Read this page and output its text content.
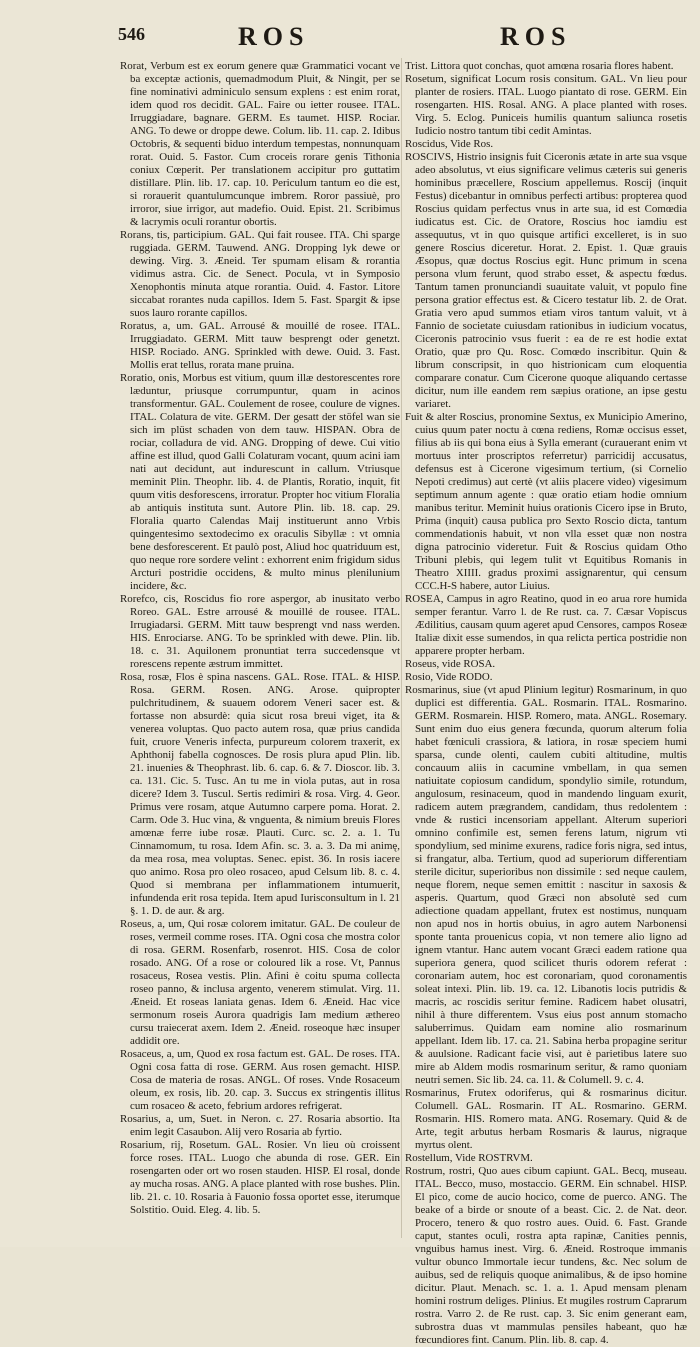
546	ROS	ROS

Rorat, Verbum est ex eorum genere quæ Grammatici vocant ve ba exceptæ actionis, quemadmodum Pluit, & Ningit, per se fine nominativi adminiculo sensum explens : est enim rorat, idem quod ros decidit. GAL. Faire ou ietter rousee. ITAL. Irruggiadare, bagnare. GERM. Es taumet. HISP. Rociar. ANG. To dewe or droppe dewe. Colum. lib. 11. cap. 2. Idibus Octobris, & sequenti biduo interdum tempestas, nonnunquam rorat. Ouid. 5. Fastor. Cum croceis rorare genis Tithonia coniux Cœperit. Per translationem accipitur pro guttatim distillare. Plin. lib. 17. cap. 10. Periculum tantum eo die est, si rorauerit quantulumcunque imbrem. Roror passiuè, pro irroror, siue irrigor, aut madefio. Ouid. Epist. 21. Scribimus & lacrymis oculi rorantur obortis.

Rorans, tis, participium. GAL. Qui fait rousee. ITA. Chi sparge ruggiada. GERM. Tauwend. ANG. Dropping lyk dewe or dewing. Virg. 3. Æneid. Ter spumam elisam & rorantia vidimus astra. Cic. de Senect. Pocula, vt in Symposio Xenophontis minuta atque rorantia. Ouid. 4. Fastor. Litore siccabat rorantes nuda capillos. Idem 5. Fast. Spargit & ipse suos lauro rorante capillos.

Roratus, a, um. GAL. Arrousé & mouillé de rosee. ITAL. Irruggiadato. GERM. Mitt tauw besprengt oder genetzt. HISP. Rociado. ANG. Sprinkled with dewe. Ouid. 3. Fast. Mollis erat tellus, rorata mane pruina.

Roratio, onis, Morbus est vitium, quum illæ destorescentes rore læduntur, priusque corrumpuntur, quam in acinos transformentur. GAL. Coulement de rosee, coulure de vignes. ITAL. Colatura de vite. GERM. Der gesatt der stöfel wan sie sich im plüst schaden von dem tauw. HISPAN. Obra de rociar, colladura de vid. ANG. Dropping of dewe. Cui vitio affine est illud, quod Galli Colaturam vocant, quum acini iam nati aut decidunt, aut indurescunt in callum. Vtriusque meminit Plin. Theophr. lib. 4. de Plantis, Roratio, inquit, fit quum vitis desforescens, irroratur. Propter hoc vitium Floralia ab antiquis instituta sunt. Autore Plin. lib. 18. cap. 29. Floralia quarto Calendas Maij instituerunt anno Vrbis quingentesimo sextodecimo ex oraculis Sibyllæ : vt omnia bene desforescerent. Et paulò post, Aliud hoc quatriduum est, quo neque rore sordere velint : exhorrent enim frigidum sidus Arcturi postridie occidens, & multo minus plenilunium incidere, &c.

Rorefco, cis, Roscidus fio rore aspergor, ab inusitato verbo Roreo. GAL. Estre arrousé & mouillé de rousee. ITAL. Irrugiadarsi. GERM. Mitt tauw besprengt vnd nass werden. HIS. Enrociarse. ANG. To be sprinkled with dewe. Plin. lib. 18. c. 31. Aquilonem pronuntiat terra succedensque vt rorescens repente æstrum immittet.

Rosa, rosæ, Flos è spina nascens. GAL. Rose. ITAL. & HISP. Rosa. GERM. Rosen. ANG. Arose. quipropter pulchritudinem, & suauem odorem Veneri sacer est. & fortasse non absurdè: quia sicut rosa breui viget, ita & venerea voluptas. Quo pacto autem rosa, quæ prius candida fuit, cruore Veneris infecta, purpureum colorem traxerit, ex Aphthonij fabella cognosces. De rosis plura apud Plin. lib. 21. inuenies & Theophrast. lib. 6. cap. 6. & 7. Dioscor. lib. 3. ca. 131. Cic. 5. Tusc. An tu me in viola putas, aut in rosa dicere? Idem 3. Tuscul. Sertis redimiri & rosa. Virg. 4. Geor. Primus vere rosam, atque Autumno carpere poma. Horat. 2. Carm. Ode 3. Huc vina, & vnguenta, & nimium breuis Flores amœnæ ferre iube rosæ. Plauti. Curc. sc. 2. a. 1. Tu Cinnamomum, tu rosa. Idem Afin. sc. 3. a. 3. Da mi animę, da mea rosa, mea voluptas. Senec. epist. 36. In rosis iacere quo animo. Rosa pro oleo rosaceo, apud Celsum lib. 8. c. 4. Quod si membrana per inflammationem intumuerit, infundenda erit rosa tepida. Item apud Iurisconsultum in l. 21 §. 1. D. de aur. & arg.

Roseus, a, um, Qui rosæ colorem imitatur. GAL. De couleur de roses, vermeil comme roses. ITA. Ogni cosa che mostra color di rosa. GERM. Rosenfarb, rosenrot. HIS. Cosa de color rosado. ANG. Of a rose or coloured lik a rose. Vt, Pannus rosaceus, Rosea vestis. Plin. Afini è coitu spuma collecta roseo panno, & inclusa argento, venerem stimulat. Virg. 11. Æneid. Et roseas laniata genas. Idem 6. Æneid. Hac vice sermonum roseis Aurora quadrigis Iam medium æthereo cursu traiecerat axem. Idem 2. Æneid. roseoque hæc insuper addidit ore.

Rosaceus, a, um, Quod ex rosa factum est. GAL. De roses. ITA. Ogni cosa fatta di rose. GERM. Aus rosen gemacht. HISP. Cosa de materia de rosas. ANGL. Of roses. Vnde Rosaceum oleum, ex rosis, lib. 20. cap. 3. Succus ex stringentis illitus cum rosaceo & aceto, febrium ardores refrigerat.

Rosarius, a, um, Suet. in Neron. c. 27. Rosaria absortio. Ita enim legit Casaubon. Alij vero Rosaria ab fyrtio.

Rosarium, rij, Rosetum. GAL. Rosier. Vn lieu où croissent force roses. ITAL. Luogo che abunda di rose. GER. Ein rosengarten oder ort wo rosen stauden. HISP. El rosal, donde ay mucha rosas. ANG. A place planted with rose bushes. Plin. lib. 21. c. 10. Rosaria à Fauonio fossa oportet esse, iterumque Solstitio. Ouid. Eleg. 4. lib. 5.

Trist. Littora quot conchas, quot amœna rosaria flores habent.

Rosetum, significat Locum rosis consitum. GAL. Vn lieu pour planter de rosiers. ITAL. Luogo piantato di rose. GERM. Ein rosengarten. HIS. Rosal. ANG. A place planted with roses. Virg. 5. Eclog. Puniceis humilis quantum saliunca rosetis Iudicio nostro tantum tibi cedit Amintas.

Roscidus, Vide Ros.

ROSCIVS, Histrio insignis fuit Ciceronis ætate in arte sua vsque adeo absolutus, vt eius significare velimus cæteris sui generis hominibus præcellere, Roscium appellemus. Roscij (inquit Festus) dicebantur in omnibus perfecti artibus: propterea quod Roscius quidam perfectus vnus in arte sua, id est Comœdia iudicatus est. Cic. de Oratore, Roscius hoc iamdiu est assequutus, vt in quo quisque artifici excelleret, is in suo genere Roscius diceretur. Horat. 2. Epist. 1. Quæ grauis Æsopus, quæ doctus Roscius egit. Hunc primum in scena persona vlum ferunt, quod strabo esset, & aspectu fœdus. Tantum tamen pronunciandi suauitate valuit, vt populo fine persona gratior effectus est. & Cicero testatur lib. 2. de Orat. Gratia vero apud summos etiam viros tantum valuit, vt à Fannio de societate cuiusdam rationibus in iudicium vocatus, Ciceronis patrocinio vsus fuerit : ea de re est hodie extat Oratio, quæ pro Qu. Rosc. Comœdo inscribitur. Quin & librum conscripsit, in quo histrionicam cum eloquentia comparare conatur. Cum Cicerone quoque aliquando certasse dicitur, num ille eandem rem sæpius oratione, an ipse gestu variaret.

Fuit & alter Roscius, pronomine Sextus, ex Municipio Amerino, cuius quum pater noctu à cœna rediens, Romæ occisus esset, filius ab iis qui bona eius à Sylla emerant (curauerant enim vt mortuus inter proscriptos referretur) parricidij accusatus, defensus est à Cicerone vigesimum tertium, (si Cornelio Nepoti credimus) aut certè (vt aliis placere video) vigesimum septimum annum agente : quæ oratio etiam hodie omnium manibus teritur. Meminit huius orationis Cicero ipse in Bruto, Prima (inquit) causa publica pro Sexto Roscio dicta, tantum commendationis habuit, vt non vlla esset quæ non nostra digna patrocinio videretur. Fuit & Roscius quidam Otho Tribuni plebis, qui legem tulit vt Equitibus Romanis in Theatro XIIII. gradus proximi assignarentur, qui censum CCC.H-S habere, autor Liuius.

ROSEA, Campus in agro Reatino, quod in eo arua rore humida semper ferantur. Varro l. de Re rust. ca. 7. Cæsar Vopiscus Ædilitius, causam quum ageret apud Censores, campos Roseæ Italiæ dixit esse sumendos, in qua relicta pertica postridie non apparere propter herbam.

Roseus, vide ROSA.

Rosio, Vide RODO.

Rosmarinus, siue (vt apud Plinium legitur) Rosmarinum, in quo duplici est differentia. GAL. Rosmarin. ITAL. Rosmarino. GERM. Rosmarein. HISP. Romero, mata. ANGL. Rosemary. Sunt enim duo eius genera fœcunda, quorum alterum folia habet fœniculi crassiora, & latiora, in rosæ speciem humi sparsa, cunde olenti, caulem cubiti altitudine, multis concauum aliis in cacumine vmbellam, in qua semen natiuitate copiosum candidum, spondylio simile, rotundum, angulosum, resinaceum, quod in mandendo linguam exurit, radicem autem prægrandem, candidam, thus redolentem : vnde & rustici incensoriam appellant. Alterum superiori omnino confimile est, semen ferens latum, nigrum vti spondylium, sed minime exurens, radice foris nigra, sed intus, si frangatur, alba. Tertium, quod ad superiorum differentiam sterile dicitur, superioribus non dissimile : sed neque caulem, neque florem, neque semen emittit : nascitur in saxosis & asperis. Quartum, quod Græci non absolutè sed cum adiectione quadam appellant, frutex est nostimus, nunquam non apud nos in hortis obuius, in agro autem Narbonensi sponte tanta prouenicus copia, vt non temere alio ligno ad ignem vtantur. Hanc autem vocant Græci eadem ratione qua superiora genera, quod scilicet thuris odorem referat : coronariam autem, hoc est coronariam, quod coronamentis soleat intexi. Plin. lib. 19. ca. 12. Libanotis locis putridis & macris, ac roscidis seritur femine. Radicem habet olusatri, nihil à thure differentem. Vsus eius post annum stomacho saluberrimus. Quidam eam nomine alio rosmarinum appellant. Idem lib. 17. ca. 21. Sabina herba propagine seritur & auulsione. Radicant facie visi, aut è parietibus latere suo mire ab Aldem modis rosmarinum seritur, & ramo quoniam neutri semen. Sic lib. 24. ca. 11. & Columell. 9. c. 4.

Rosmarinus, Frutex odoriferus, qui & rosmarinus dicitur. Columell. GAL. Rosmarin. IT AL. Rosmarino. GERM. Rosmarin. HIS. Romero mata. ANG. Rosemary. Quid & de Arte, tegit arbutus herbam Rosmaris & laurus, nigraque myrtus olent.

Rostellum, Vide ROSTRVM.

Rostrum, rostri, Quo aues cibum capiunt. GAL. Becq, museau. ITAL. Becco, muso, mostaccio. GERM. Ein schnabel. HISP. El pico, come de aucio hocico, come de puerco. ANG. The beake of a birde or snoute of a beast. Cic. 2. de Nat. deor. Procero, tenero & quo rostro aues. Ouid. 6. Fast. Grande caput, stantes oculi, rostra apta rapinæ, Canities pennis, vnguibus hamus inest. Virg. 6. Æneid. Rostroque immanis vultur obunco Immortale iecur tundens, &c. Nec solum de auibus, sed de reliquis quoque animalibus, & de ipso homine dicitur. Plaut. Menach. sc. 1. a. 1. Apud mensam plenam homini rostrum deliges. Plinius. Et mugiles rostrum Caprarum rostra. Varro 2. de Re rust. cap. 3. Sic enim generant eam, subrostra duas vt mammulas pensiles habeant, quo hæ fœcundiores fint. Canum. Plin. lib. 8. cap. 4.
